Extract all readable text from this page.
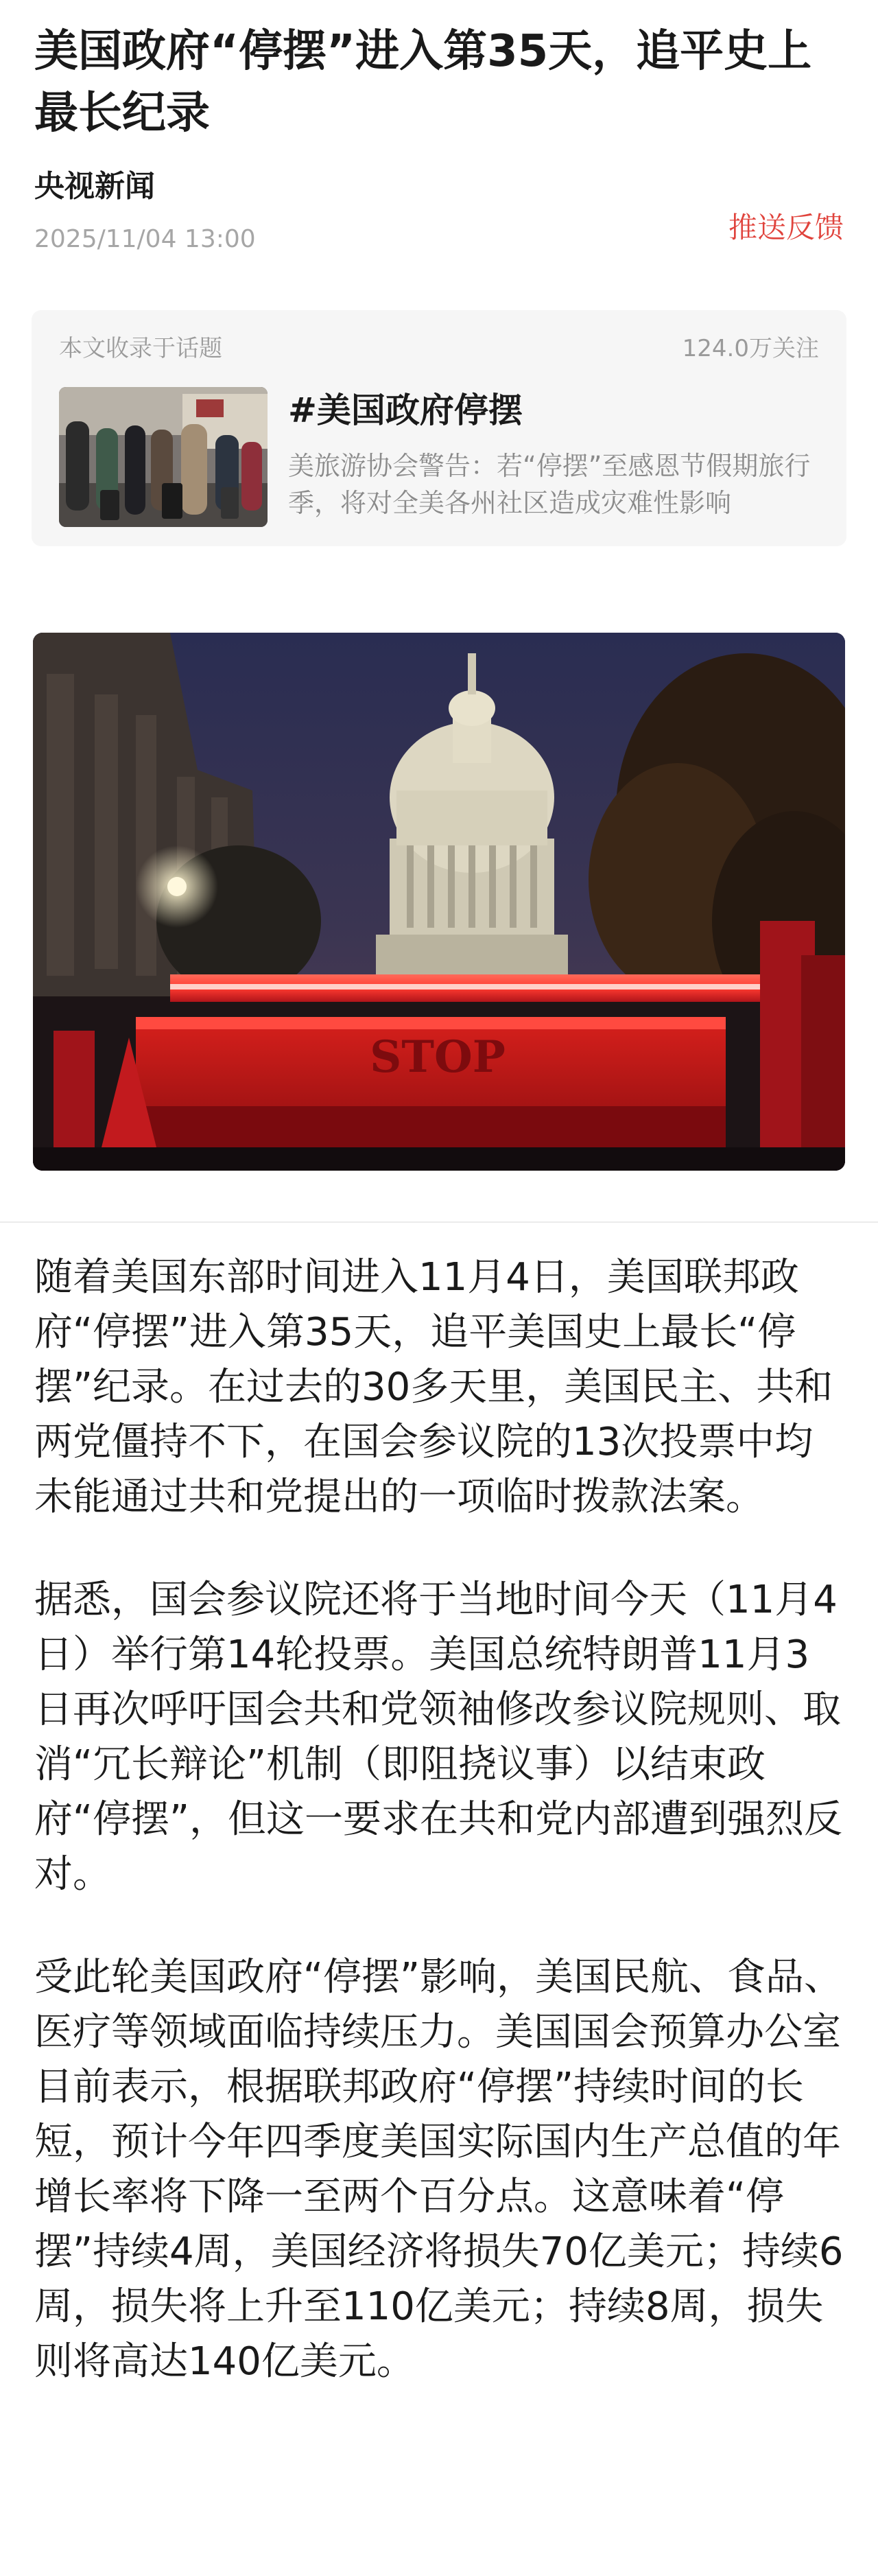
美国政府“停摆”进入第35天，追平史上最长纪录
央视新闻
2025/11/04 13:00	推送反馈
本文收录于话题	124.0万关注
#美国政府停摆
美旅游协会警告：若“停摆”至感恩节假期旅行季，将对全美各州社区造成灾难性影响
STOP

随着美国东部时间进入11月4日，美国联邦政府“停摆”进入第35天，追平美国史上最长“停摆”纪录。在过去的30多天里，美国民主、共和两党僵持不下，在国会参议院的13次投票中均未能通过共和党提出的一项临时拨款法案。

据悉，国会参议院还将于当地时间今天（11月4日）举行第14轮投票。美国总统特朗普11月3日再次呼吁国会共和党领袖修改参议院规则、取消“冗长辩论”机制（即阻挠议事）以结束政府“停摆”，但这一要求在共和党内部遭到强烈反对。

受此轮美国政府“停摆”影响，美国民航、食品、医疗等领域面临持续压力。美国国会预算办公室目前表示，根据联邦政府“停摆”持续时间的长短，预计今年四季度美国实际国内生产总值的年增长率将下降一至两个百分点。这意味着“停摆”持续4周，美国经济将损失70亿美元；持续6周，损失将上升至110亿美元；持续8周，损失则将高达140亿美元。
